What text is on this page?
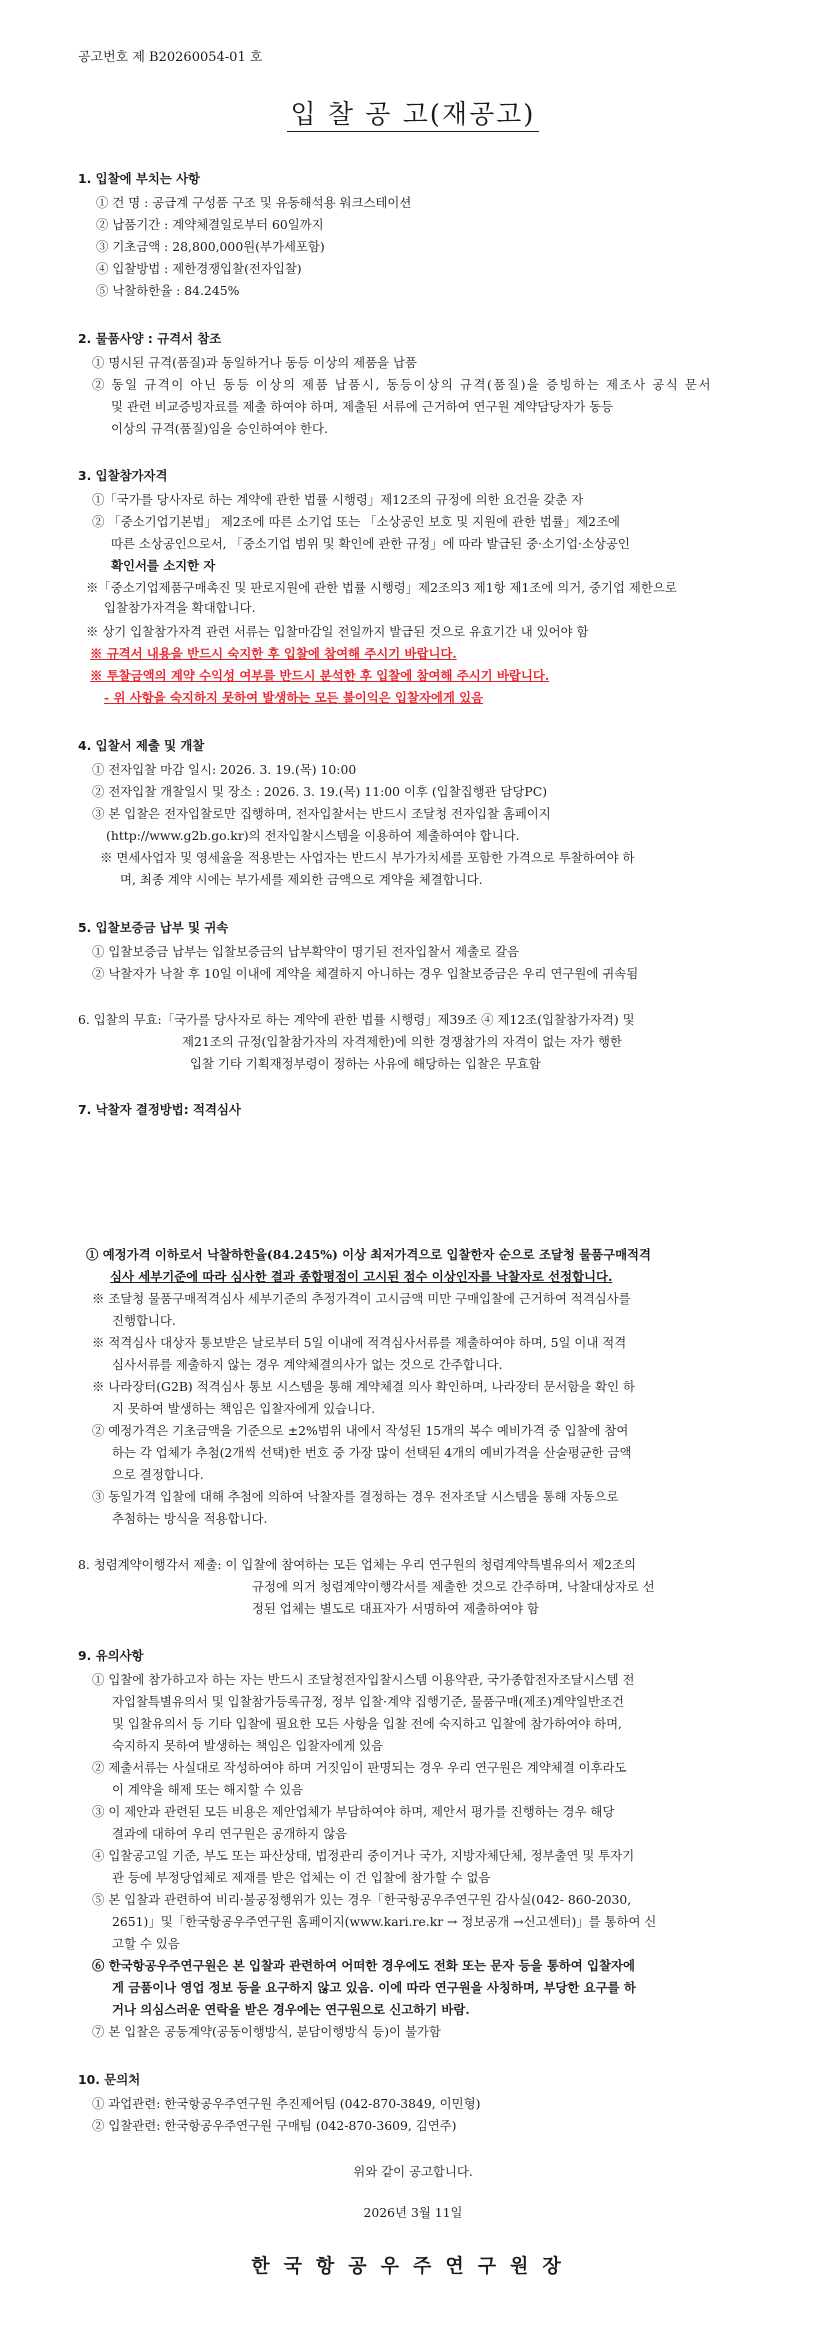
공고번호 제 B20260054-01 호
입 찰 공 고(재공고)
1. 입찰에 부치는 사항
① 건 명 : 공급계 구성품 구조 및 유동해석용 워크스테이션
② 납품기간 : 계약체결일로부터 60일까지
③ 기초금액 : 28,800,000원(부가세포함)
④ 입찰방법 : 제한경쟁입찰(전자입찰)
⑤ 낙찰하한율 : 84.245%
2. 물품사양 : 규격서 참조
① 명시된 규격(품질)과 동일하거나 동등 이상의 제품을 납품
② 동일 규격이 아닌 동등 이상의 제품 납품시, 동등이상의 규격(품질)을 증빙하는 제조사 공식 문서
및 관련 비교증빙자료를 제출 하여야 하며, 제출된 서류에 근거하여 연구원 계약담당자가 동등
이상의 규격(품질)임을 승인하여야 한다.
3. 입찰참가자격
①「국가를 당사자로 하는 계약에 관한 법률 시행령」제12조의 규정에 의한 요건을 갖춘 자
② 「중소기업기본법」 제2조에 따른 소기업 또는 「소상공인 보호 및 지원에 관한 법률」제2조에
따른 소상공인으로서, 「중소기업 범위 및 확인에 관한 규정」에 따라 발급된 중·소기업·소상공인
확인서를 소지한 자
※「중소기업제품구매촉진 및 판로지원에 관한 법률 시행령」제2조의3 제1항 제1조에 의거, 중기업 제한으로
입찰참가자격을 확대합니다.
※ 상기 입찰참가자격 관련 서류는 입찰마감일 전일까지 발급된 것으로 유효기간 내 있어야 함
※ 규격서 내용을 반드시 숙지한 후 입찰에 참여해 주시기 바랍니다.
※ 투찰금액의 계약 수익성 여부를 반드시 분석한 후 입찰에 참여해 주시기 바랍니다.
- 위 사항을 숙지하지 못하여 발생하는 모든 불이익은 입찰자에게 있음
4. 입찰서 제출 및 개찰
① 전자입찰 마감 일시: 2026. 3. 19.(목) 10:00
② 전자입찰 개찰일시 및 장소 : 2026. 3. 19.(목) 11:00 이후 (입찰집행관 담당PC)
③ 본 입찰은 전자입찰로만 집행하며, 전자입찰서는 반드시 조달청 전자입찰 홈페이지
(http://www.g2b.go.kr)의 전자입찰시스템을 이용하여 제출하여야 합니다.
※ 면세사업자 및 영세율을 적용받는 사업자는 반드시 부가가치세를 포함한 가격으로 투찰하여야 하
며, 최종 계약 시에는 부가세를 제외한 금액으로 계약을 체결합니다.
5. 입찰보증금 납부 및 귀속
① 입찰보증금 납부는 입찰보증금의 납부확약이 명기된 전자입찰서 제출로 갈음
② 낙찰자가 낙찰 후 10일 이내에 계약을 체결하지 아니하는 경우 입찰보증금은 우리 연구원에 귀속됨
6. 입찰의 무효:「국가를 당사자로 하는 계약에 관한 법률 시행령」제39조 ④ 제12조(입찰참가자격) 및
제21조의 규정(입찰참가자의 자격제한)에 의한 경쟁참가의 자격이 없는 자가 행한
입찰 기타 기획재정부령이 정하는 사유에 해당하는 입찰은 무효함
7. 낙찰자 결정방법: 적격심사
① 예정가격 이하로서 낙찰하한율(84.245%) 이상 최저가격으로 입찰한자 순으로 조달청 물품구매적격
심사 세부기준에 따라 심사한 결과 종합평점이 고시된 점수 이상인자를 낙찰자로 선정합니다.
※ 조달청 물품구매적격심사 세부기준의 추정가격이 고시금액 미만 구매입찰에 근거하여 적격심사를
진행합니다.
※ 적격심사 대상자 통보받은 날로부터 5일 이내에 적격심사서류를 제출하여야 하며, 5일 이내 적격
심사서류를 제출하지 않는 경우 계약체결의사가 없는 것으로 간주합니다.
※ 나라장터(G2B) 적격심사 통보 시스템을 통해 계약체결 의사 확인하며, 나라장터 문서함을 확인 하
지 못하여 발생하는 책임은 입찰자에게 있습니다.
② 예정가격은 기초금액을 기준으로 ±2%범위 내에서 작성된 15개의 복수 예비가격 중 입찰에 참여
하는 각 업체가 추첨(2개씩 선택)한 번호 중 가장 많이 선택된 4개의 예비가격을 산술평균한 금액
으로 결정합니다.
③ 동일가격 입찰에 대해 추첨에 의하여 낙찰자를 결정하는 경우 전자조달 시스템을 통해 자동으로
추첨하는 방식을 적용합니다.
8. 청렴계약이행각서 제출: 이 입찰에 참여하는 모든 업체는 우리 연구원의 청렴계약특별유의서 제2조의
규정에 의거 청렴계약이행각서를 제출한 것으로 간주하며, 낙찰대상자로 선
정된 업체는 별도로 대표자가 서명하여 제출하여야 함
9. 유의사항
① 입찰에 참가하고자 하는 자는 반드시 조달청전자입찰시스템 이용약관, 국가종합전자조달시스템 전
자입찰특별유의서 및 입찰참가등록규정, 정부 입찰·계약 집행기준, 물품구매(제조)계약일반조건
및 입찰유의서 등 기타 입찰에 필요한 모든 사항을 입찰 전에 숙지하고 입찰에 참가하여야 하며,
숙지하지 못하여 발생하는 책임은 입찰자에게 있음
② 제출서류는 사실대로 작성하여야 하며 거짓임이 판명되는 경우 우리 연구원은 계약체결 이후라도
이 계약을 해제 또는 해지할 수 있음
③ 이 제안과 관련된 모든 비용은 제안업체가 부담하여야 하며, 제안서 평가를 진행하는 경우 해당
결과에 대하여 우리 연구원은 공개하지 않음
④ 입찰공고일 기준, 부도 또는 파산상태, 법정관리 중이거나 국가, 지방자체단체, 정부출연 및 투자기
관 등에 부정당업체로 제재를 받은 업체는 이 건 입찰에 참가할 수 없음
⑤ 본 입찰과 관련하여 비리·불공정행위가 있는 경우「한국항공우주연구원 감사실(042- 860-2030,
2651)」및「한국항공우주연구원 홈페이지(www.kari.re.kr → 정보공개 →신고센터)」를 통하여 신
고할 수 있음
⑥ 한국항공우주연구원은 본 입찰과 관련하여 어떠한 경우에도 전화 또는 문자 등을 통하여 입찰자에
게 금품이나 영업 정보 등을 요구하지 않고 있음. 이에 따라 연구원을 사칭하며, 부당한 요구를 하
거나 의심스러운 연락을 받은 경우에는 연구원으로 신고하기 바람.
⑦ 본 입찰은 공동계약(공동이행방식, 분담이행방식 등)이 불가함
10. 문의처
① 과업관련: 한국항공우주연구원 추진제어팀 (042-870-3849, 이민형)
② 입찰관련: 한국항공우주연구원 구매팀 (042-870-3609, 김연주)
위와 같이 공고합니다.
2026년 3월 11일
한국항공우주연구원장
